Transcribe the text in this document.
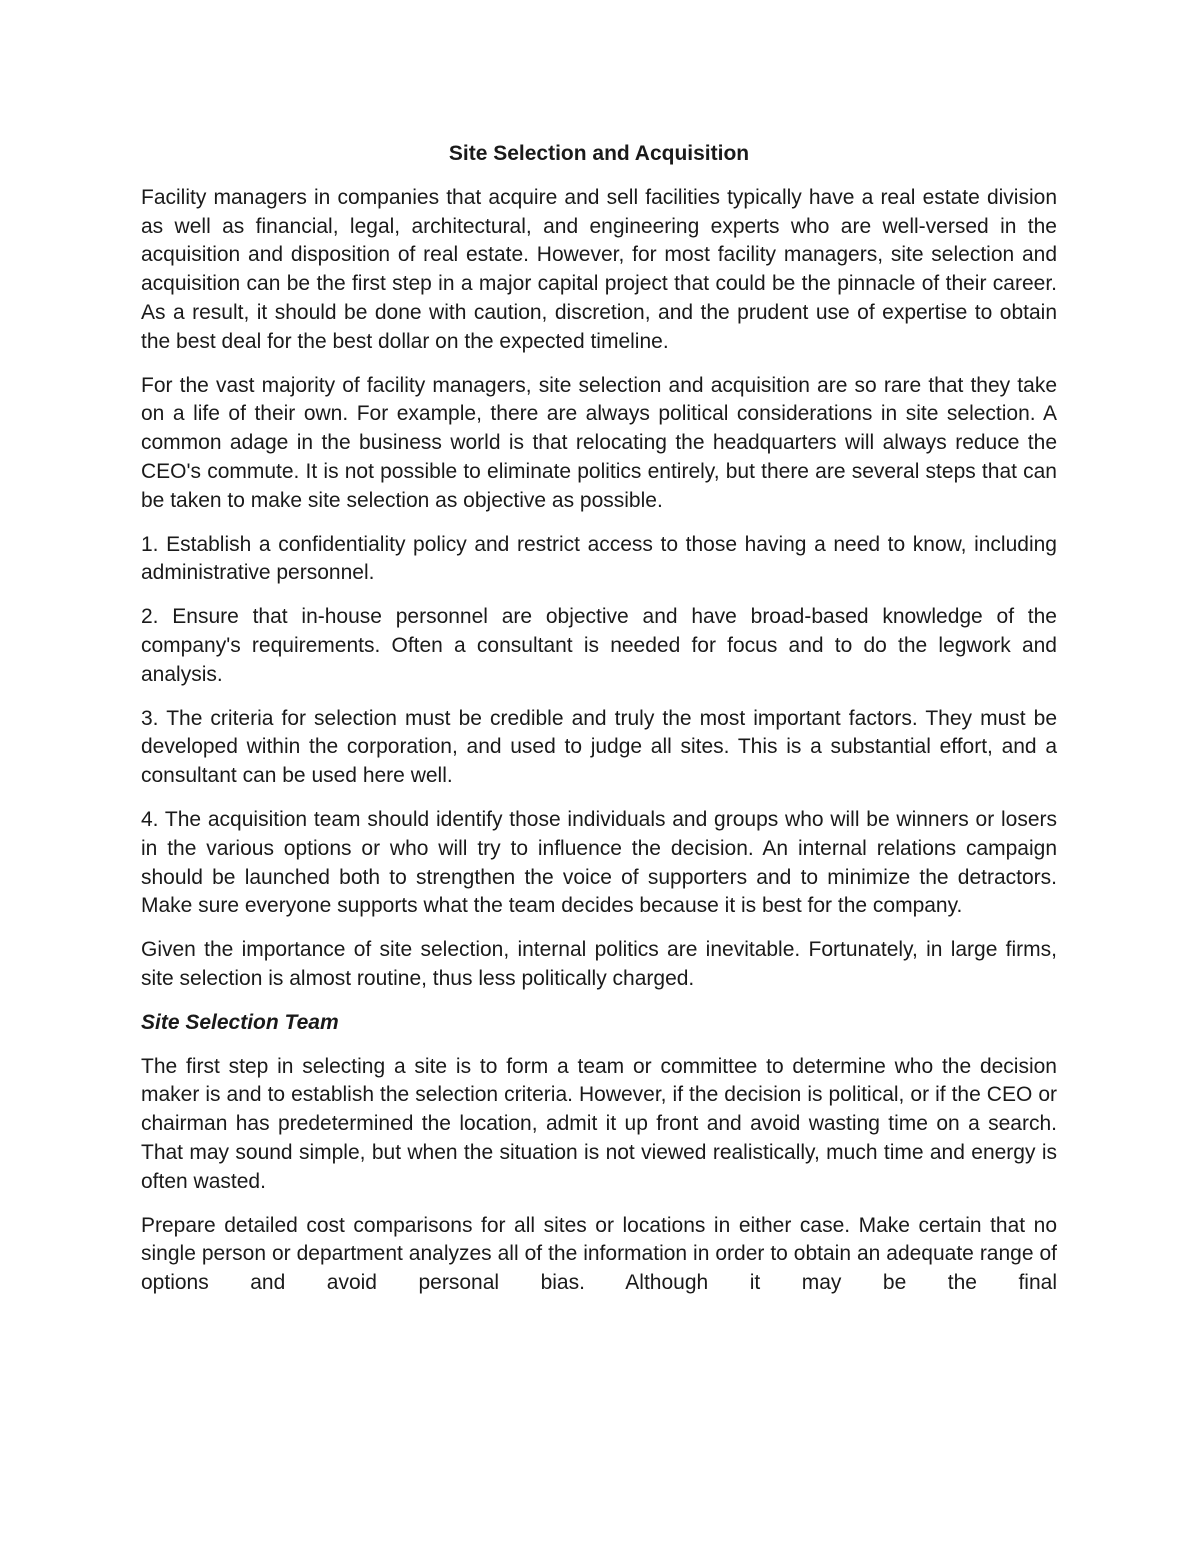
Site Selection and Acquisition

Facility managers in companies that acquire and sell facilities typically have a real estate division as well as financial, legal, architectural, and engineering experts who are well-versed in the acquisition and disposition of real estate. However, for most facility managers, site selection and acquisition can be the first step in a major capital project that could be the pinnacle of their career. As a result, it should be done with caution, discretion, and the prudent use of expertise to obtain the best deal for the best dollar on the expected timeline.

For the vast majority of facility managers, site selection and acquisition are so rare that they take on a life of their own. For example, there are always political considerations in site selection. A common adage in the business world is that relocating the headquarters will always reduce the CEO's commute. It is not possible to eliminate politics entirely, but there are several steps that can be taken to make site selection as objective as possible.

1. Establish a confidentiality policy and restrict access to those having a need to know, including administrative personnel.

2. Ensure that in-house personnel are objective and have broad-based knowledge of the company's requirements. Often a consultant is needed for focus and to do the legwork and analysis.

3. The criteria for selection must be credible and truly the most important factors. They must be developed within the corporation, and used to judge all sites. This is a substantial effort, and a consultant can be used here well.

4. The acquisition team should identify those individuals and groups who will be winners or losers in the various options or who will try to influence the decision. An internal relations campaign should be launched both to strengthen the voice of supporters and to minimize the detractors. Make sure everyone supports what the team decides because it is best for the company.

Given the importance of site selection, internal politics are inevitable. Fortunately, in large firms, site selection is almost routine, thus less politically charged.

Site Selection Team

The first step in selecting a site is to form a team or committee to determine who the decision maker is and to establish the selection criteria. However, if the decision is political, or if the CEO or chairman has predetermined the location, admit it up front and avoid wasting time on a search. That may sound simple, but when the situation is not viewed realistically, much time and energy is often wasted.

Prepare detailed cost comparisons for all sites or locations in either case. Make certain that no single person or department analyzes all of the information in order to obtain an adequate range of options and avoid personal bias. Although it may be the final
